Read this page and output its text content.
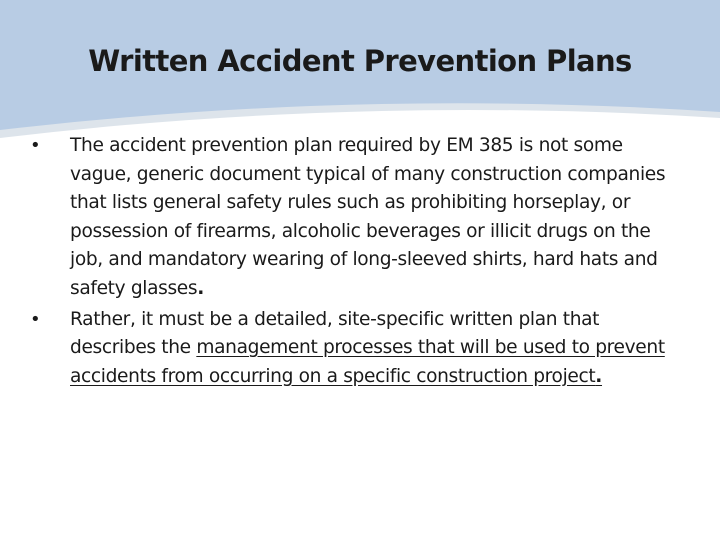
Written Accident Prevention Plans
• The accident prevention plan required by EM 385 is not some vague, generic document typical of many construction companies that lists general safety rules such as prohibiting horseplay, or possession of firearms, alcoholic beverages or illicit drugs on the job, and mandatory wearing of long-sleeved shirts, hard hats and safety glasses.
• Rather, it must be a detailed, site-specific written plan that describes the management processes that will be used to prevent accidents from occurring on a specific construction project.
